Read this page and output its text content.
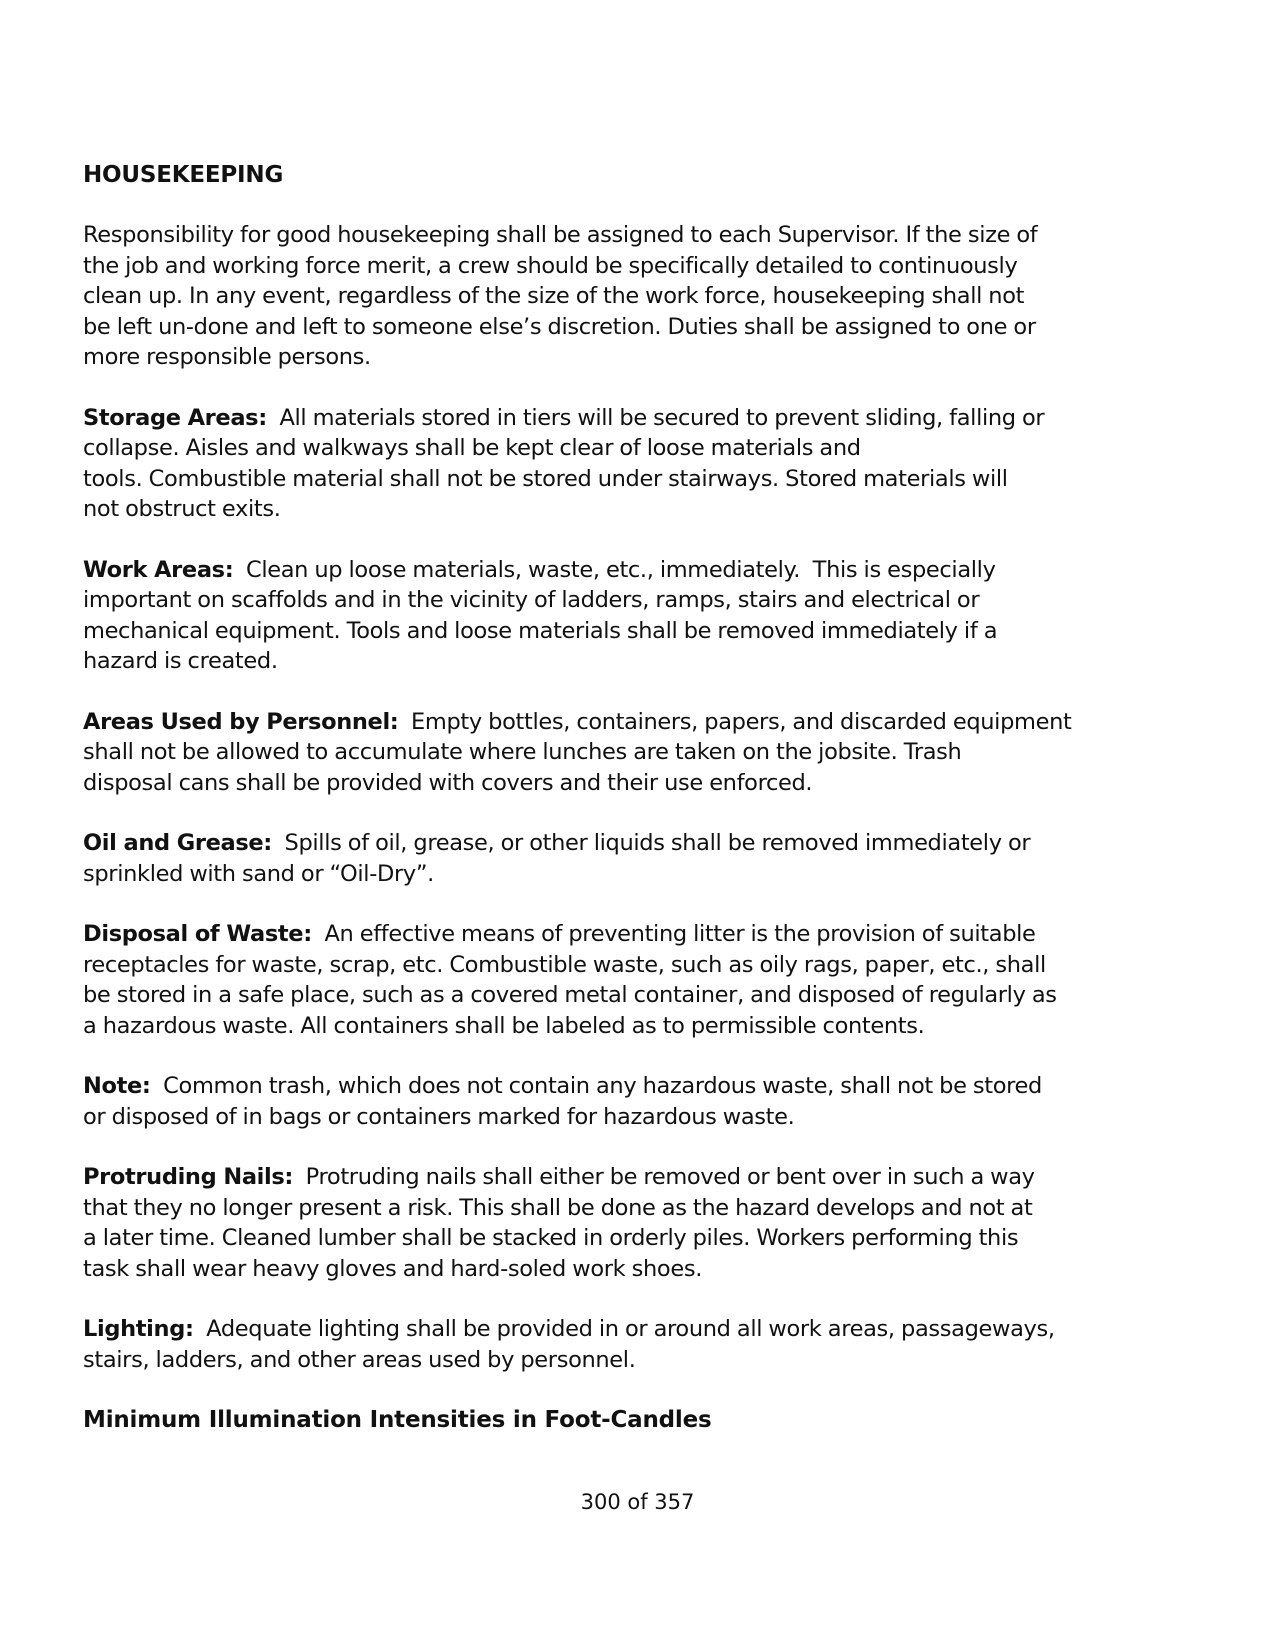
HOUSEKEEPING

Responsibility for good housekeeping shall be assigned to each Supervisor. If the size of
the job and working force merit, a crew should be specifically detailed to continuously
clean up. In any event, regardless of the size of the work force, housekeeping shall not
be left un-done and left to someone else’s discretion. Duties shall be assigned to one or
more responsible persons.

Storage Areas:  All materials stored in tiers will be secured to prevent sliding, falling or
collapse. Aisles and walkways shall be kept clear of loose materials and
tools. Combustible material shall not be stored under stairways. Stored materials will
not obstruct exits.

Work Areas:  Clean up loose materials, waste, etc., immediately.  This is especially
important on scaffolds and in the vicinity of ladders, ramps, stairs and electrical or
mechanical equipment. Tools and loose materials shall be removed immediately if a
hazard is created.

Areas Used by Personnel:  Empty bottles, containers, papers, and discarded equipment
shall not be allowed to accumulate where lunches are taken on the jobsite. Trash
disposal cans shall be provided with covers and their use enforced.

Oil and Grease:  Spills of oil, grease, or other liquids shall be removed immediately or
sprinkled with sand or “Oil-Dry”.

Disposal of Waste:  An effective means of preventing litter is the provision of suitable
receptacles for waste, scrap, etc. Combustible waste, such as oily rags, paper, etc., shall
be stored in a safe place, such as a covered metal container, and disposed of regularly as
a hazardous waste. All containers shall be labeled as to permissible contents.

Note:  Common trash, which does not contain any hazardous waste, shall not be stored
or disposed of in bags or containers marked for hazardous waste.

Protruding Nails:  Protruding nails shall either be removed or bent over in such a way
that they no longer present a risk. This shall be done as the hazard develops and not at
a later time. Cleaned lumber shall be stacked in orderly piles. Workers performing this
task shall wear heavy gloves and hard-soled work shoes.

Lighting:  Adequate lighting shall be provided in or around all work areas, passageways,
stairs, ladders, and other areas used by personnel.

Minimum Illumination Intensities in Foot-Candles
300 of 357
